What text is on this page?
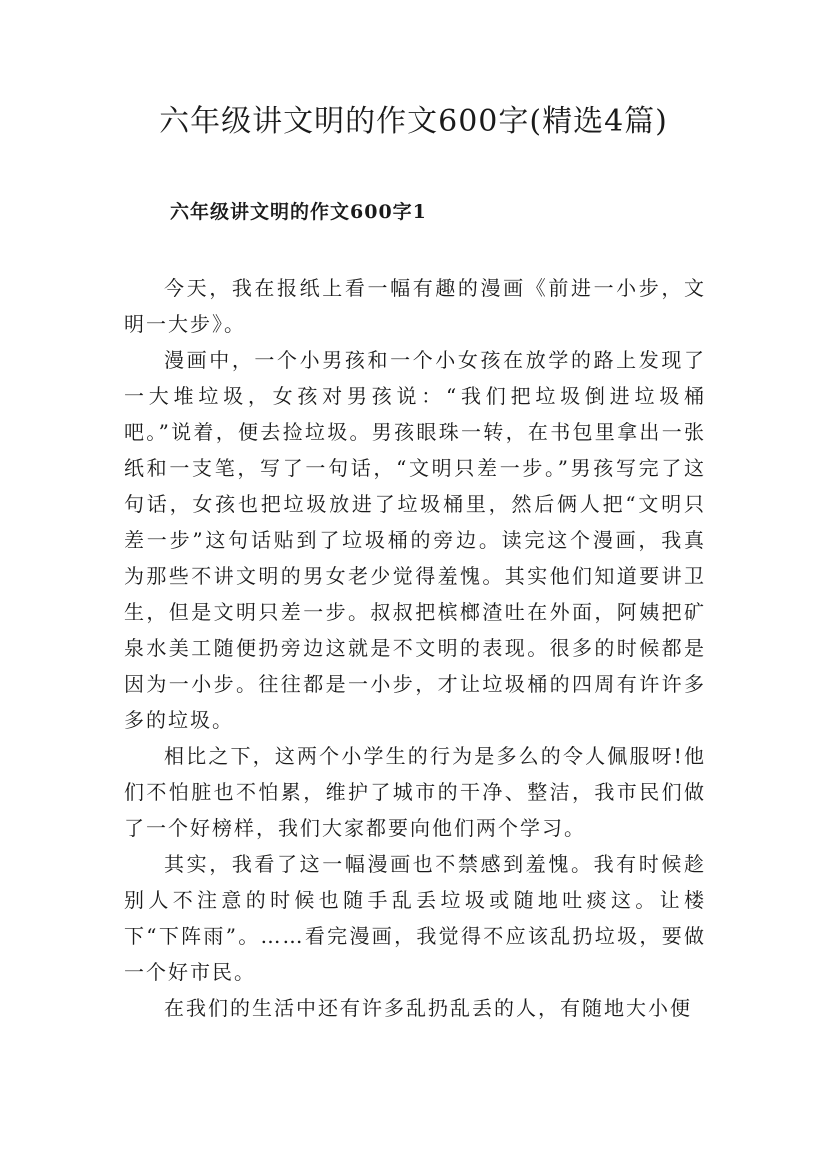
六年级讲文明的作文600字(精选4篇)
六年级讲文明的作文600字1

今天，我在报纸上看一幅有趣的漫画《前进一小步，文明一大步》。

漫画中，一个小男孩和一个小女孩在放学的路上发现了一大堆垃圾，女孩对男孩说：“我们把垃圾倒进垃圾桶吧。”说着，便去捡垃圾。男孩眼珠一转，在书包里拿出一张纸和一支笔，写了一句话，“文明只差一步。”男孩写完了这句话，女孩也把垃圾放进了垃圾桶里，然后俩人把“文明只差一步”这句话贴到了垃圾桶的旁边。读完这个漫画，我真为那些不讲文明的男女老少觉得羞愧。其实他们知道要讲卫生，但是文明只差一步。叔叔把槟榔渣吐在外面，阿姨把矿泉水美工随便扔旁边这就是不文明的表现。很多的时候都是因为一小步。往往都是一小步，才让垃圾桶的四周有许许多多的垃圾。

相比之下，这两个小学生的行为是多么的令人佩服呀!他们不怕脏也不怕累，维护了城市的干净、整洁，我市民们做了一个好榜样，我们大家都要向他们两个学习。

其实，我看了这一幅漫画也不禁感到羞愧。我有时候趁别人不注意的时候也随手乱丢垃圾或随地吐痰这。让楼下“下阵雨”。……看完漫画，我觉得不应该乱扔垃圾，要做一个好市民。

在我们的生活中还有许多乱扔乱丢的人，有随地大小便
